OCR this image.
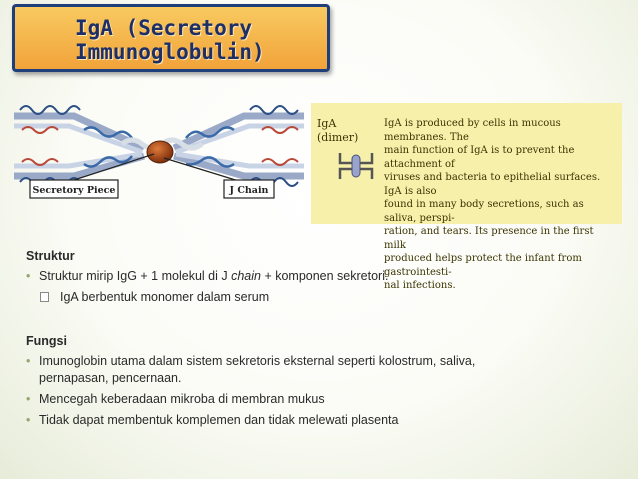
IgA (Secretory
Immunoglobulin)
Secretory Piece	J Chain
IgA
(dimer)
IgA is produced by cells in mucous membranes. The
main function of IgA is to prevent the attachment of
viruses and bacteria to epithelial surfaces. IgA is also
found in many body secretions, such as saliva, perspi-
ration, and tears. Its presence in the first milk
produced helps protect the infant from gastrointesti-
nal infections.

Struktur

• Struktur mirip IgG + 1 molekul di J chain + komponen sekretori.

IgA berbentuk monomer dalam serum

Fungsi

• Imunoglobin utama dalam sistem sekretoris eksternal seperti kolostrum, saliva,
pernapasan, pencernaan.

• Mencegah keberadaan mikroba di membran mukus

• Tidak dapat membentuk komplemen dan tidak melewati plasenta
